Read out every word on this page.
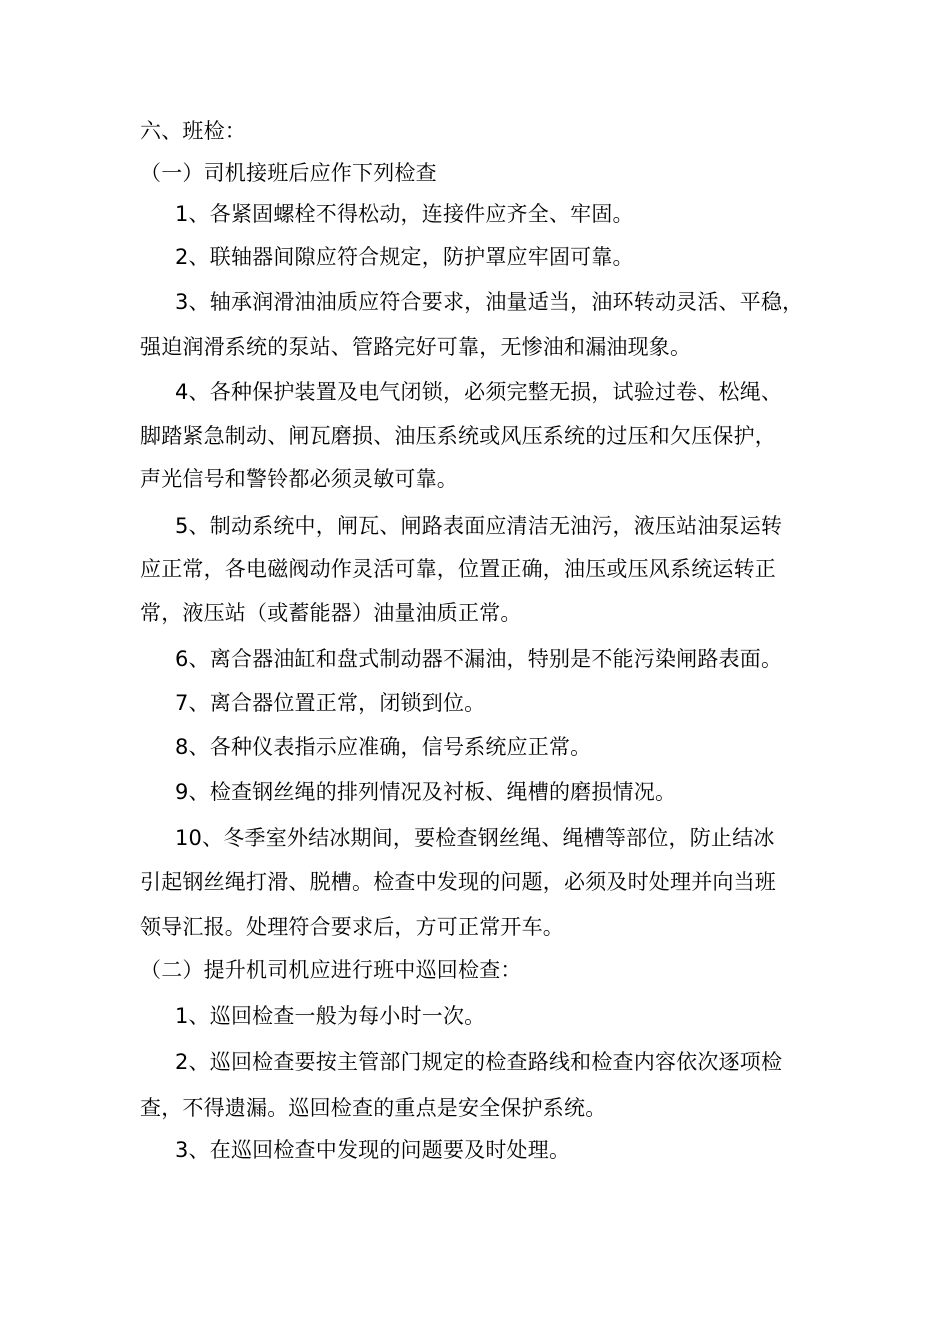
六、班检：
（一）司机接班后应作下列检查
1、各紧固螺栓不得松动，连接件应齐全、牢固。
2、联轴器间隙应符合规定，防护罩应牢固可靠。
3、轴承润滑油油质应符合要求，油量适当，油环转动灵活、平稳，
强迫润滑系统的泵站、管路完好可靠，无惨油和漏油现象。
4、各种保护装置及电气闭锁，必须完整无损，试验过卷、松绳、
脚踏紧急制动、闸瓦磨损、油压系统或风压系统的过压和欠压保护，
声光信号和警铃都必须灵敏可靠。
5、制动系统中，闸瓦、闸路表面应清洁无油污，液压站油泵运转
应正常，各电磁阀动作灵活可靠，位置正确，油压或压风系统运转正
常，液压站（或蓄能器）油量油质正常。
6、离合器油缸和盘式制动器不漏油，特别是不能污染闸路表面。
7、离合器位置正常，闭锁到位。
8、各种仪表指示应准确，信号系统应正常。
9、检查钢丝绳的排列情况及衬板、绳槽的磨损情况。
10、冬季室外结冰期间，要检查钢丝绳、绳槽等部位，防止结冰
引起钢丝绳打滑、脱槽。检查中发现的问题，必须及时处理并向当班
领导汇报。处理符合要求后，方可正常开车。
（二）提升机司机应进行班中巡回检查：
1、巡回检查一般为每小时一次。
2、巡回检查要按主管部门规定的检查路线和检查内容依次逐项检
查，不得遗漏。巡回检查的重点是安全保护系统。
3、在巡回检查中发现的问题要及时处理。
